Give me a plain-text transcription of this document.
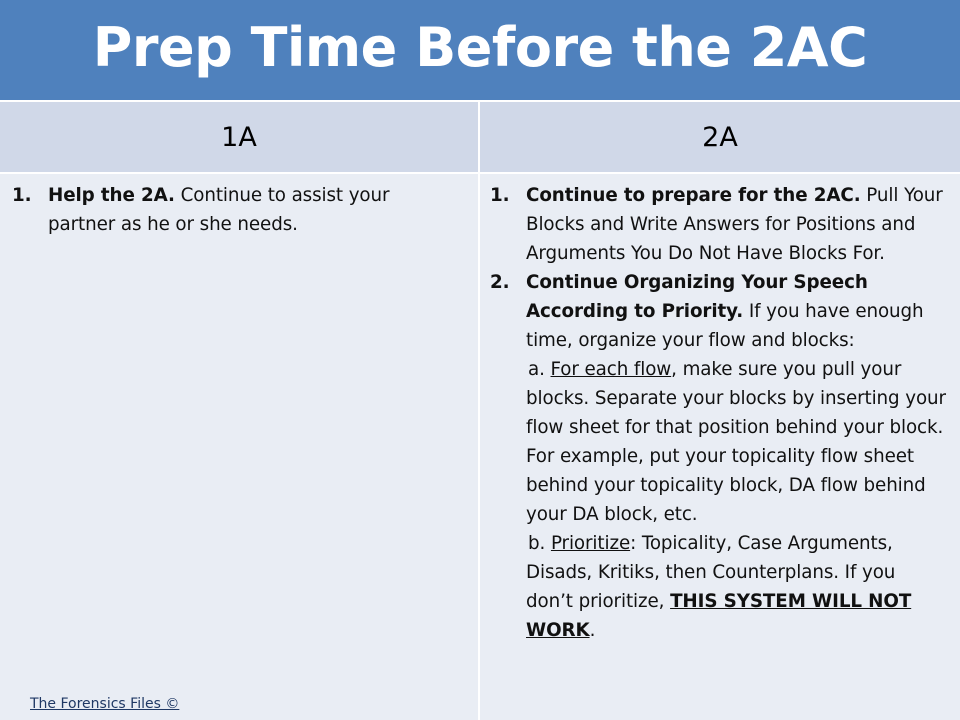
Prep Time Before the 2AC
1A	2A
1. Help the 2A. Continue to assist your partner as he or she needs.
1. Continue to prepare for the 2AC. Pull Your Blocks and Write Answers for Positions and Arguments You Do Not Have Blocks For.
2. Continue Organizing Your Speech According to Priority. If you have enough time, organize your flow and blocks:
a. For each flow, make sure you pull your blocks. Separate your blocks by inserting your flow sheet for that position behind your block. For example, put your topicality flow sheet behind your topicality block, DA flow behind your DA block, etc.
b. Prioritize: Topicality, Case Arguments, Disads, Kritiks, then Counterplans. If you don’t prioritize, THIS SYSTEM WILL NOT WORK.
The Forensics Files ©
